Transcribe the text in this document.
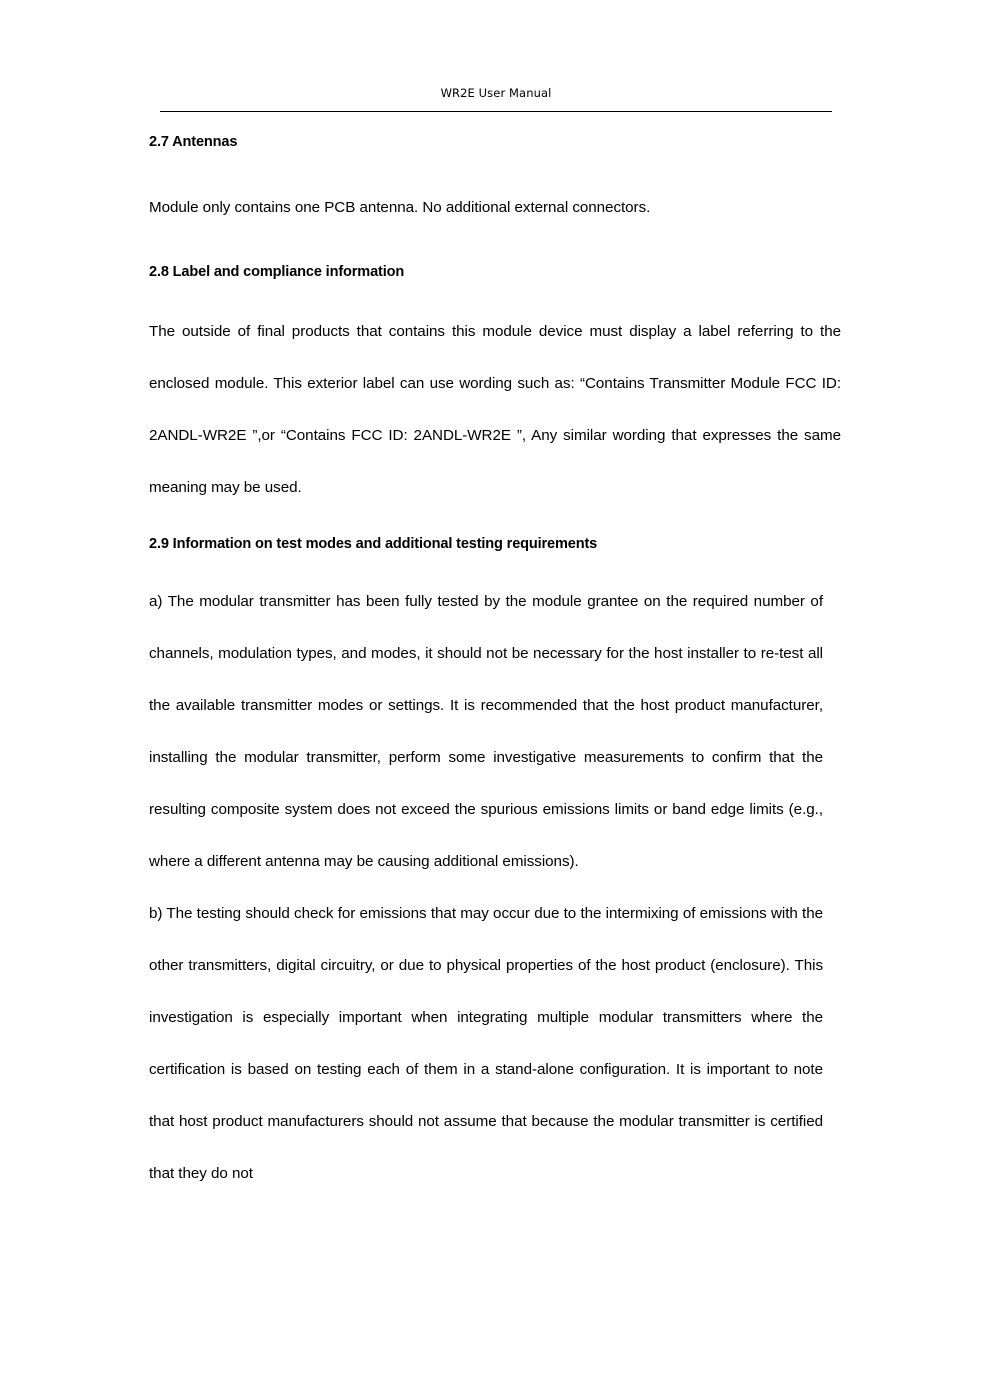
WR2E User Manual
2.7 Antennas

Module only contains one PCB antenna. No additional external connectors.

2.8 Label and compliance information

The outside of final products that contains this module device must display a label referring to the enclosed module. This exterior label can use wording such as: “Contains Transmitter Module FCC ID: 2ANDL-WR2E ”,or “Contains FCC ID: 2ANDL-WR2E ”, Any similar wording that expresses the same meaning may be used.

2.9 Information on test modes and additional testing requirements

a) The modular transmitter has been fully tested by the module grantee on the required number of channels, modulation types, and modes, it should not be necessary for the host installer to re-test all the available transmitter modes or settings. It is recommended that the host product manufacturer, installing the modular transmitter, perform some investigative measurements to confirm that the resulting composite system does not exceed the spurious emissions limits or band edge limits (e.g., where a different antenna may be causing additional emissions).

b) The testing should check for emissions that may occur due to the intermixing of emissions with the other transmitters, digital circuitry, or due to physical properties of the host product (enclosure). This investigation is especially important when integrating multiple modular transmitters where the certification is based on testing each of them in a stand-alone configuration. It is important to note that host product manufacturers should not assume that because the modular transmitter is certified that they do not
